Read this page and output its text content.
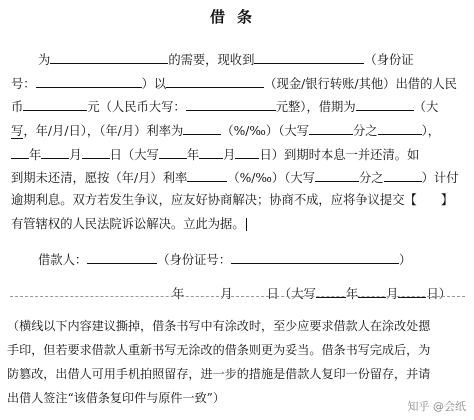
借条
为	的需要，现收到	（身份证
号：	）以	（现金/银行转账/其他）出借的人民
币	元（人民币大写：	元整），借期为	（大
写，年/月/日），（年/月）利率为	（%/‰）（大写	分之	），
年 月 日（大写 年 月 日）到期时本息一并还清。如
到期未还清，愿按（年/月）利率	（%/‰）（大写	分之	）计付
逾期利息。双方若发生争议，应友好协商解决；协商不成，应将争议提交【 】
有管辖权的人民法院诉讼解决。立此为据。
借款人：	（身份证号：	）
年	月	日（大写 年 月 日）
（横线以下内容建议撕掉，借条书写中有涂改时，至少应要求借款人在涂改处摁
手印，但若要求借款人重新书写无涂改的借条则更为妥当。借条书写完成后，为
防篡改，出借人可用手机拍照留存，进一步的措施是借款人复印一份留存，并请
出借人签注“该借条复印件与原件一致”）
知乎 @会纸
